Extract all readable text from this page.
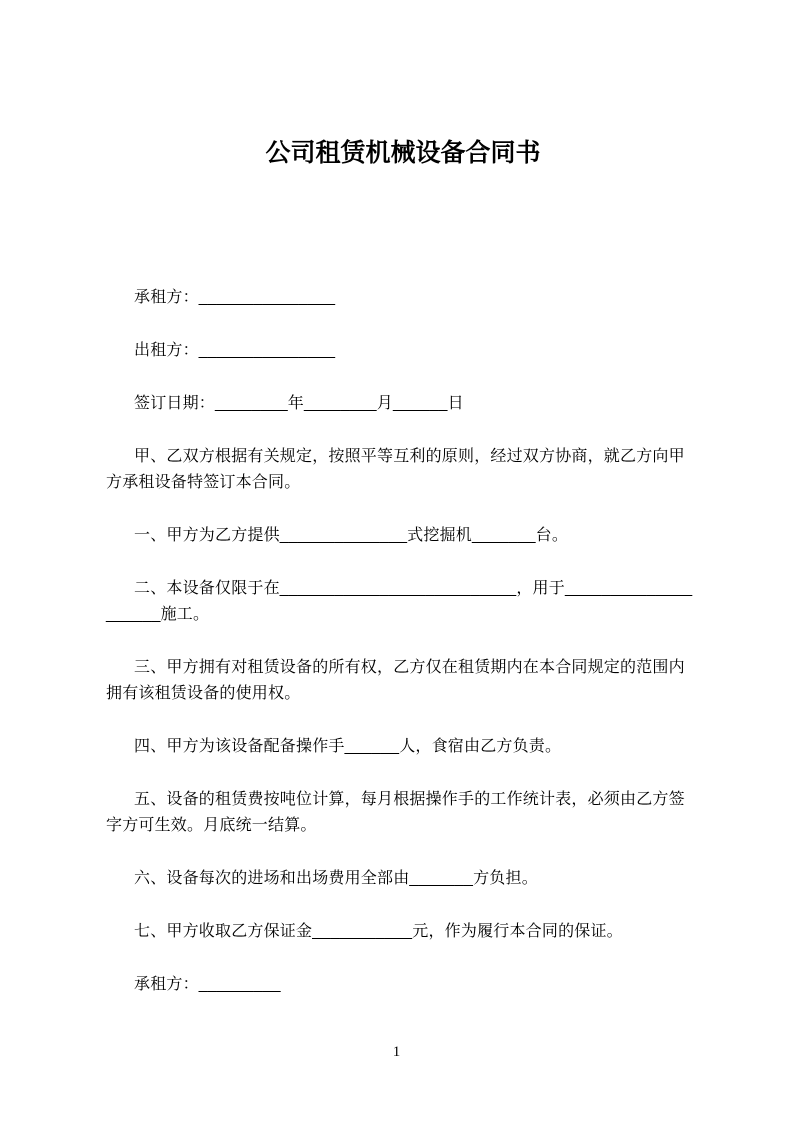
公司租赁机械设备合同书

承租方：_______________

出租方：_______________

签订日期：________年________月______日

甲、乙双方根据有关规定，按照平等互利的原则，经过双方协商，就乙方向甲方承租设备特签订本合同。

一、甲方为乙方提供______________式挖掘机_______台。

二、本设备仅限于在__________________________，用于____________________施工。

三、甲方拥有对租赁设备的所有权，乙方仅在租赁期内在本合同规定的范围内拥有该租赁设备的使用权。

四、甲方为该设备配备操作手______人，食宿由乙方负责。

五、设备的租赁费按吨位计算，每月根据操作手的工作统计表，必须由乙方签字方可生效。月底统一结算。

六、设备每次的进场和出场费用全部由_______方负担。

七、甲方收取乙方保证金___________元，作为履行本合同的保证。

承租方：_________

1
